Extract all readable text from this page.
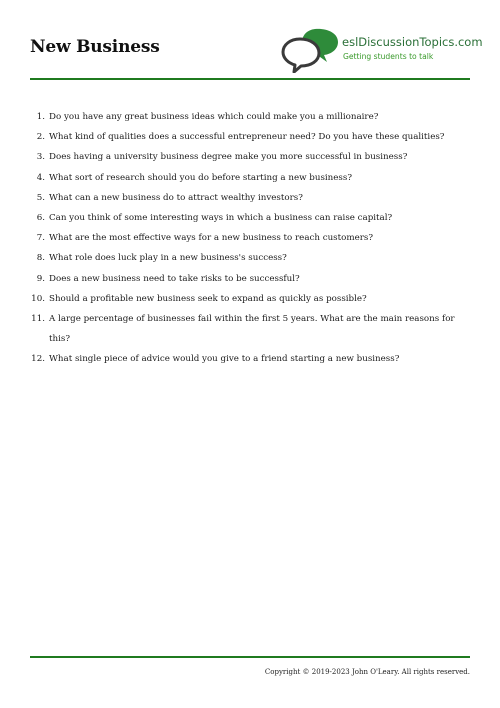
New Business	eslDiscussionTopics.com
Getting students to talk
1. Do you have any great business ideas which could make you a millionaire?
2. What kind of qualities does a successful entrepreneur need? Do you have these qualities?
3. Does having a university business degree make you more successful in business?
4. What sort of research should you do before starting a new business?
5. What can a new business do to attract wealthy investors?
6. Can you think of some interesting ways in which a business can raise capital?
7. What are the most effective ways for a new business to reach customers?
8. What role does luck play in a new business's success?
9. Does a new business need to take risks to be successful?
10. Should a profitable new business seek to expand as quickly as possible?
11. A large percentage of businesses fail within the first 5 years. What are the main reasons for this?
12. What single piece of advice would you give to a friend starting a new business?
Copyright © 2019-2023 John O'Leary. All rights reserved.
